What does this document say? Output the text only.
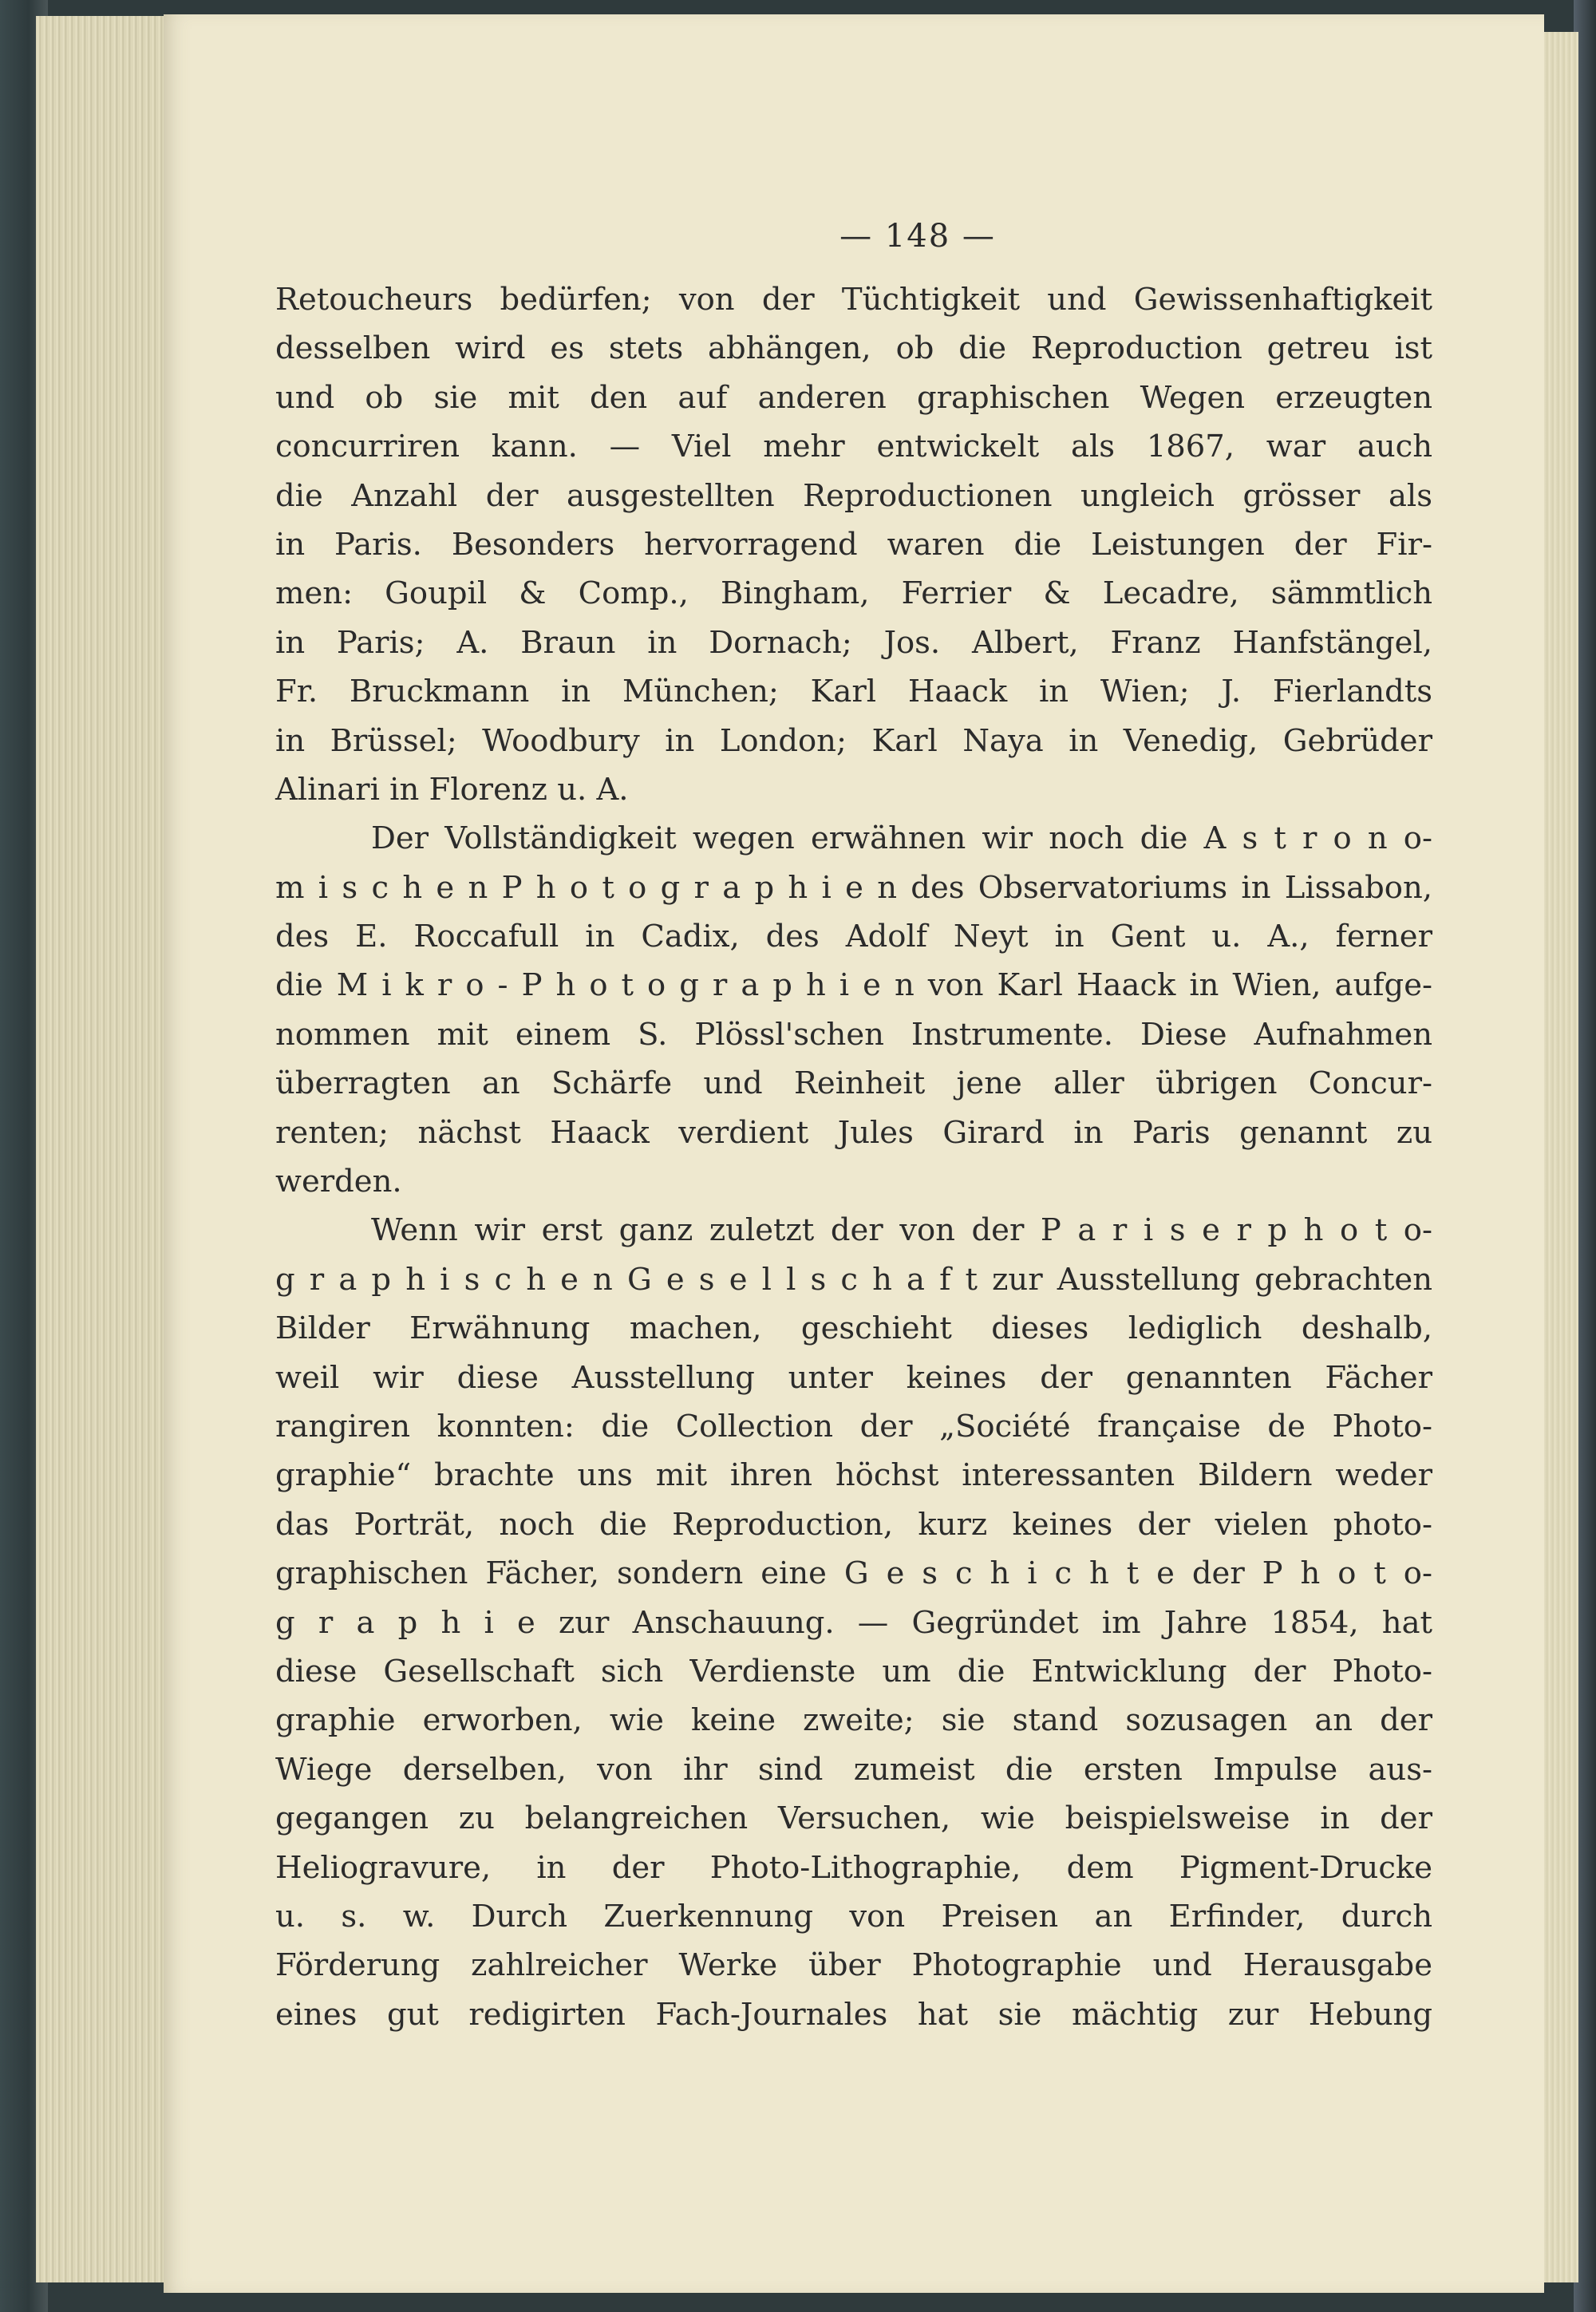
— 148 —
Retoucheurs bedürfen; von der Tüchtigkeit und Gewissenhaftigkeit
desselben wird es stets abhängen, ob die Reproduction getreu ist
und ob sie mit den auf anderen graphischen Wegen erzeugten
concurriren kann. — Viel mehr entwickelt als 1867, war auch
die Anzahl der ausgestellten Reproductionen ungleich grösser als
in Paris. Besonders hervorragend waren die Leistungen der Fir-
men: Goupil & Comp., Bingham, Ferrier & Lecadre, sämmtlich
in Paris; A. Braun in Dornach; Jos. Albert, Franz Hanfstängel,
Fr. Bruckmann in München; Karl Haack in Wien; J. Fierlandts
in Brüssel; Woodbury in London; Karl Naya in Venedig, Gebrüder
Alinari in Florenz u. A.
Der Vollständigkeit wegen erwähnen wir noch die A s t r o n o-
m i s c h e n P h o t o g r a p h i e n des Observatoriums in Lissabon,
des E. Roccafull in Cadix, des Adolf Neyt in Gent u. A., ferner
die M i k r o - P h o t o g r a p h i e n von Karl Haack in Wien, aufge-
nommen mit einem S. Plössl'schen Instrumente. Diese Aufnahmen
überragten an Schärfe und Reinheit jene aller übrigen Concur-
renten; nächst Haack verdient Jules Girard in Paris genannt zu
werden.
Wenn wir erst ganz zuletzt der von der P a r i s e r p h o t o-
g r a p h i s c h e n G e s e l l s c h a f t zur Ausstellung gebrachten
Bilder Erwähnung machen, geschieht dieses lediglich deshalb,
weil wir diese Ausstellung unter keines der genannten Fächer
rangiren konnten: die Collection der „Société française de Photo-
graphie“ brachte uns mit ihren höchst interessanten Bildern weder
das Porträt, noch die Reproduction, kurz keines der vielen photo-
graphischen Fächer, sondern eine G e s c h i c h t e der P h o t o-
g r a p h i e zur Anschauung. — Gegründet im Jahre 1854, hat
diese Gesellschaft sich Verdienste um die Entwicklung der Photo-
graphie erworben, wie keine zweite; sie stand sozusagen an der
Wiege derselben, von ihr sind zumeist die ersten Impulse aus-
gegangen zu belangreichen Versuchen, wie beispielsweise in der
Heliogravure, in der Photo-Lithographie, dem Pigment-Drucke
u. s. w. Durch Zuerkennung von Preisen an Erfinder, durch
Förderung zahlreicher Werke über Photographie und Herausgabe
eines gut redigirten Fach-Journales hat sie mächtig zur Hebung
